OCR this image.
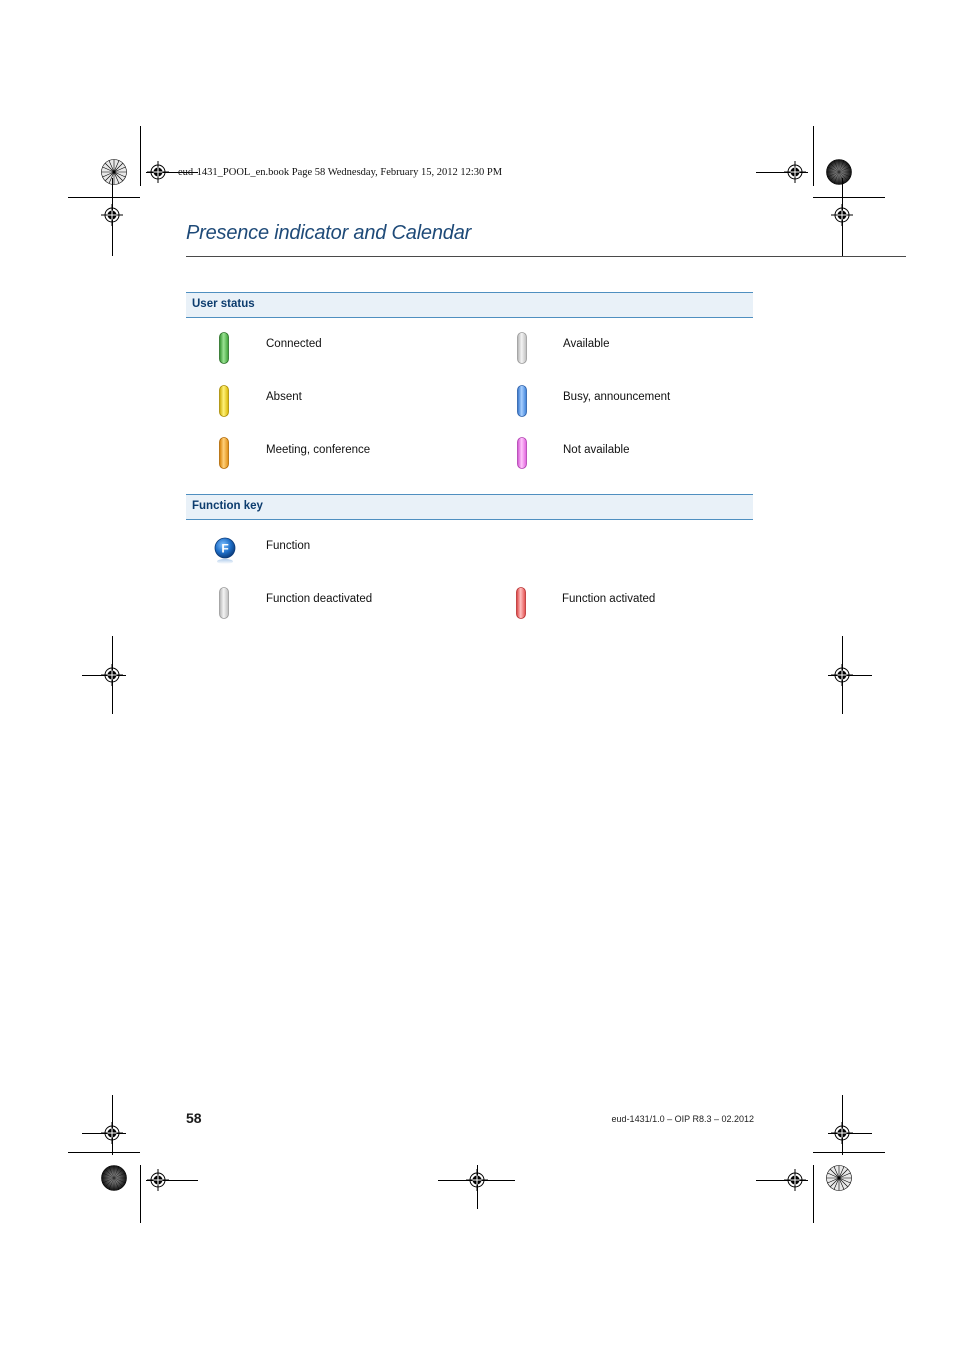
eud-1431_POOL_en.book Page 58 Wednesday, February 15, 2012 12:30 PM
Presence indicator and Calendar
User status
Connected	Available
Absent	Busy, announcement
Meeting, conference	Not available
Function key
F	Function
Function deactivated	Function activated
58	eud-1431/1.0 – OIP R8.3 – 02.2012
